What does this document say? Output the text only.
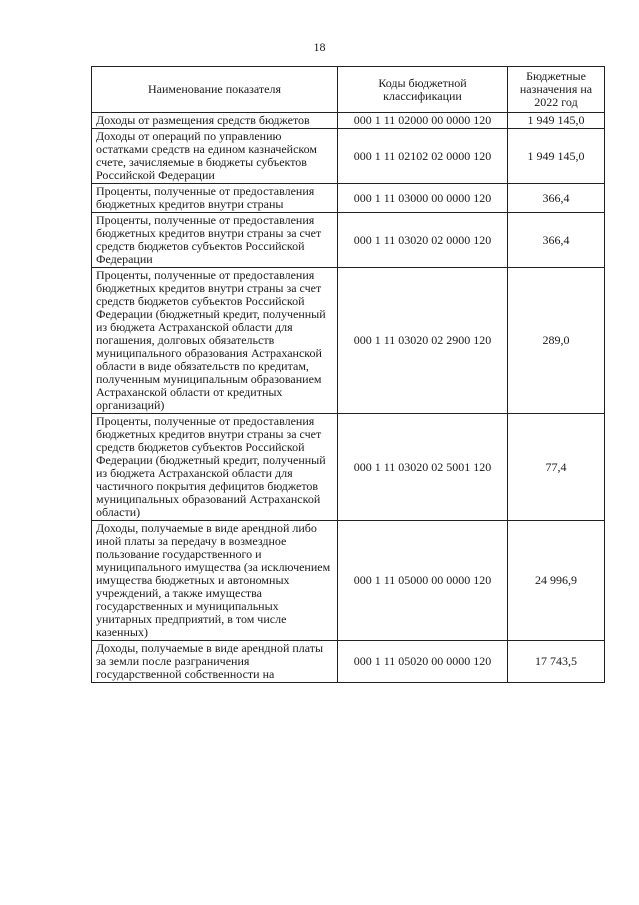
18
Наименование показателя	Коды бюджетной классификации	Бюджетные назначения на 2022 год
Доходы от размещения средств бюджетов	000 1 11 02000 00 0000 120	1 949 145,0
Доходы от операций по управлению остатками средств на едином казначейском счете, зачисляемые в бюджеты субъектов Российской Федерации	000 1 11 02102 02 0000 120	1 949 145,0
Проценты, полученные от предоставления бюджетных кредитов внутри страны	000 1 11 03000 00 0000 120	366,4
Проценты, полученные от предоставления бюджетных кредитов внутри страны за счет средств бюджетов субъектов Российской Федерации	000 1 11 03020 02 0000 120	366,4
Проценты, полученные от предоставления бюджетных кредитов внутри страны за счет средств бюджетов субъектов Российской Федерации (бюджетный кредит, полученный из бюджета Астраханской области для погашения, долговых обязательств муниципального образования Астраханской области в виде обязательств по кредитам, полученным муниципальным образованием Астраханской области от кредитных организаций)	000 1 11 03020 02 2900 120	289,0
Проценты, полученные от предоставления бюджетных кредитов внутри страны за счет средств бюджетов субъектов Российской Федерации (бюджетный кредит, полученный из бюджета Астраханской области для частичного покрытия дефицитов бюджетов муниципальных образований Астраханской области)	000 1 11 03020 02 5001 120	77,4
Доходы, получаемые в виде арендной либо иной платы за передачу в возмездное пользование государственного и муниципального имущества (за исключением имущества бюджетных и автономных учреждений, а также имущества государственных и муниципальных унитарных предприятий, в том числе казенных)	000 1 11 05000 00 0000 120	24 996,9
Доходы, получаемые в виде арендной платы за земли после разграничения государственной собственности на	000 1 11 05020 00 0000 120	17 743,5
